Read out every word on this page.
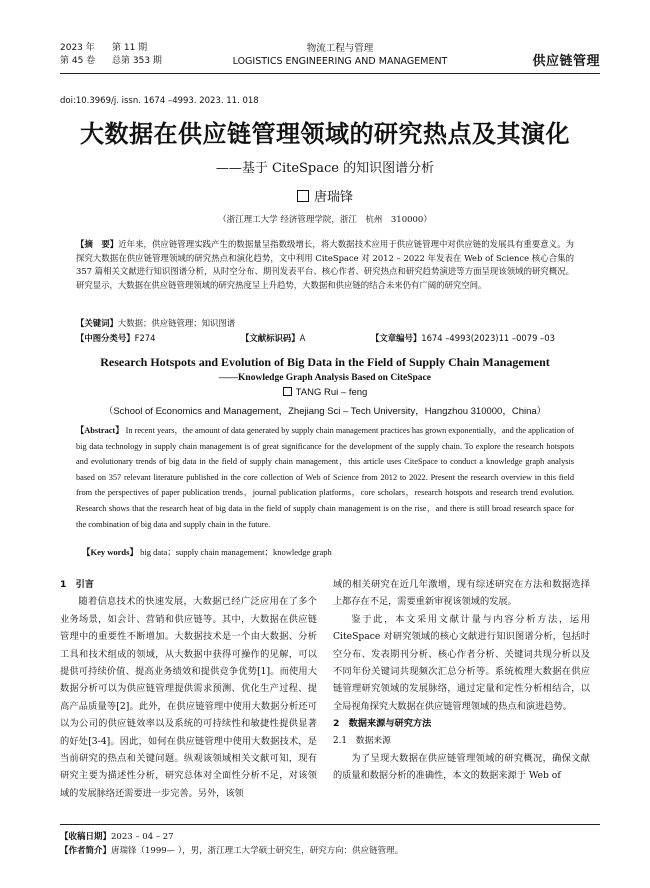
2023 年 第 11 期
第 45 卷 总第 353 期
物流工程与管理
LOGISTICS ENGINEERING AND MANAGEMENT	供应链管理
doi:10.3969/j. issn. 1674 –4993. 2023. 11. 018
大数据在供应链管理领域的研究热点及其演化
——基于 CiteSpace 的知识图谱分析
唐瑞锋
（浙江理工大学 经济管理学院，浙江　杭州　310000）
【摘　要】近年来，供应链管理实践产生的数据量呈指数级增长，将大数据技术应用于供应链管理中对供应链的发展具有重要意义。为探究大数据在供应链管理领域的研究热点和演化趋势，文中利用 CiteSpace 对 2012 – 2022 年发表在 Web of Science 核心合集的 357 篇相关文献进行知识图谱分析，从时空分布、期刊发表平台、核心作者、研究热点和研究趋势演进等方面呈现该领域的研究概况。研究显示，大数据在供应链管理领域的研究热度呈上升趋势，大数据和供应链的结合未来仍有广阔的研究空间。
【关键词】大数据；供应链管理；知识图谱
【中图分类号】F274	【文献标识码】A	【文章编号】1674 –4993(2023)11 –0079 –03
Research Hotspots and Evolution of Big Data in the Field of Supply Chain Management
——Knowledge Graph Analysis Based on CiteSpace
TANG Rui – feng
（School of Economics and Management，Zhejiang Sci – Tech University，Hangzhou 310000，China）
【Abstract】 In recent years，the amount of data generated by supply chain management practices has grown exponentially，and the application of big data technology in supply chain management is of great significance for the development of the supply chain. To explore the research hotspots and evolutionary trends of big data in the field of supply chain management，this article uses CiteSpace to conduct a knowledge graph analysis based on 357 relevant literature published in the core collection of Web of Science from 2012 to 2022. Present the research overview in this field from the perspectives of paper publication trends，journal publication platforms，core scholars，research hotspots and research trend evolution. Research shows that the research heat of big data in the field of supply chain management is on the rise，and there is still broad research space for the combination of big data and supply chain in the future.
【Key words】 big data；supply chain management；knowledge graph
1　引言

随着信息技术的快速发展，大数据已经广泛应用在了多个业务场景，如会计、营销和供应链等。其中，大数据在供应链管理中的重要性不断增加。大数据技术是一个由大数据、分析工具和技术组成的领域，从大数据中获得可操作的见解，可以提供可持续价值、提高业务绩效和提供竞争优势[1]。而使用大数据分析可以为供应链管理提供需求预测、优化生产过程、提高产品质量等[2]。此外，在供应链管理中使用大数据分析还可以为公司的供应链效率以及系统的可持续性和敏捷性提供显著的好处[3-4]。因此，如何在供应链管理中使用大数据技术，是当前研究的热点和关键问题。纵观该领域相关文献可知，现有研究主要为描述性分析，研究总体对全面性分析不足，对该领域的发展脉络还需要进一步完善。另外，该领

域的相关研究在近几年激增，现有综述研究在方法和数据选择上都存在不足，需要重新审视该领域的发展。

鉴于此，本文采用文献计量与内容分析方法，运用 CiteSpace 对研究领域的核心文献进行知识图谱分析，包括时空分布、发表期刊分析、核心作者分析、关键词共现分析以及不同年份关键词共现频次汇总分析等。系统梳理大数据在供应链管理研究领域的发展脉络，通过定量和定性分析相结合，以全局视角探究大数据在供应链管理领域的热点和演进趋势。

2　数据来源与研究方法
2.1　数据来源

为了呈现大数据在供应链管理领域的研究概况，确保文献的质量和数据分析的准确性，本文的数据来源于 Web of

【收稿日期】2023 – 04 – 27
【作者简介】唐瑞锋（1999— ），男，浙江理工大学硕士研究生，研究方向：供应链管理。
